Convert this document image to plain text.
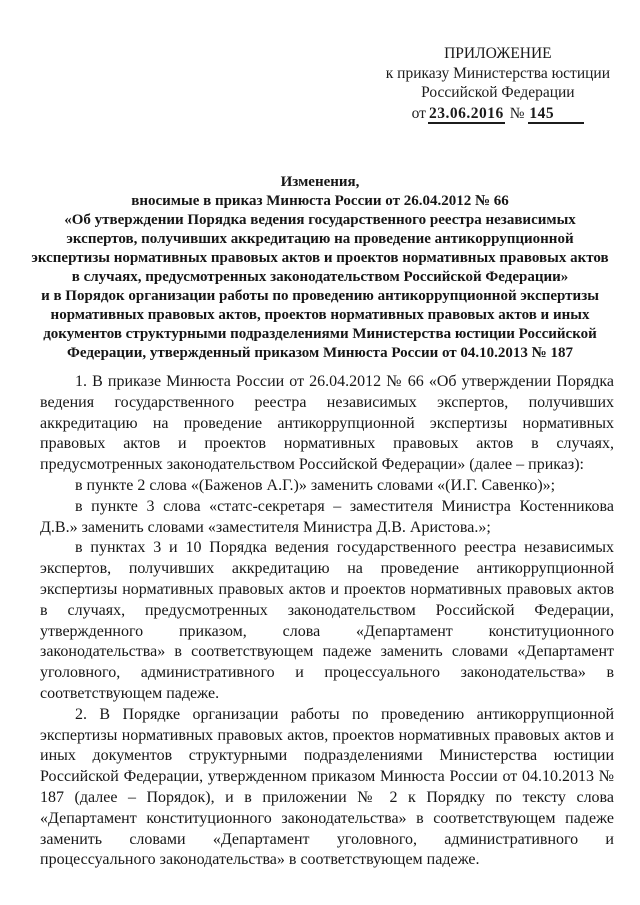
ПРИЛОЖЕНИЕ
к приказу Министерства юстиции
Российской Федерации
от 23.06.2016 № 145
Изменения,
вносимые в приказ Минюста России от 26.04.2012 № 66
«Об утверждении Порядка ведения государственного реестра независимых
экспертов, получивших аккредитацию на проведение антикоррупционной
экспертизы нормативных правовых актов и проектов нормативных правовых актов
в случаях, предусмотренных законодательством Российской Федерации»
и в Порядок организации работы по проведению антикоррупционной экспертизы
нормативных правовых актов, проектов нормативных правовых актов и иных
документов структурными подразделениями Министерства юстиции Российской
Федерации, утвержденный приказом Минюста России от 04.10.2013 № 187

1. В приказе Минюста России от 26.04.2012 № 66 «Об утверждении Порядка ведения государственного реестра независимых экспертов, получивших аккредитацию на проведение антикоррупционной экспертизы нормативных правовых актов и проектов нормативных правовых актов в случаях, предусмотренных законодательством Российской Федерации» (далее – приказ):

в пункте 2 слова «(Баженов А.Г.)» заменить словами «(И.Г. Савенко)»;

в пункте 3 слова «статс-секретаря – заместителя Министра Костенникова Д.В.» заменить словами «заместителя Министра Д.В. Аристова.»;

в пунктах 3 и 10 Порядка ведения государственного реестра независимых экспертов, получивших аккредитацию на проведение антикоррупционной экспертизы нормативных правовых актов и проектов нормативных правовых актов в случаях, предусмотренных законодательством Российской Федерации, утвержденного приказом, слова «Департамент конституционного законодательства» в соответствующем падеже заменить словами «Департамент уголовного, административного и процессуального законодательства» в соответствующем падеже.

2. В Порядке организации работы по проведению антикоррупционной экспертизы нормативных правовых актов, проектов нормативных правовых актов и иных документов структурными подразделениями Министерства юстиции Российской Федерации, утвержденном приказом Минюста России от 04.10.2013 № 187 (далее – Порядок), и в приложении № 2 к Порядку по тексту слова «Департамент конституционного законодательства» в соответствующем падеже заменить словами «Департамент уголовного, административного и процессуального законодательства» в соответствующем падеже.
